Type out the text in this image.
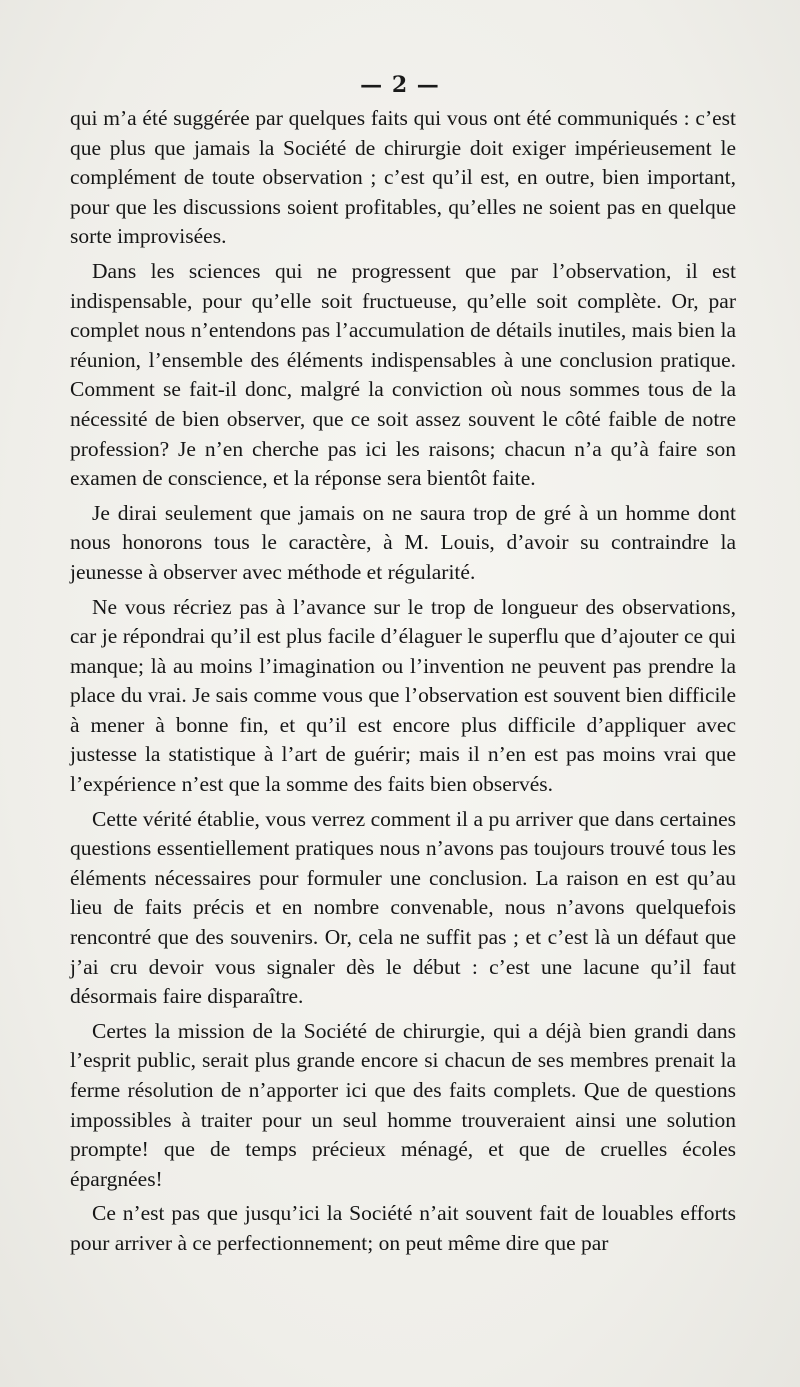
— 2 —

qui m’a été suggérée par quelques faits qui vous ont été communiqués : c’est que plus que jamais la Société de chirurgie doit exiger impérieusement le complément de toute observation ; c’est qu’il est, en outre, bien important, pour que les discussions soient profitables, qu’elles ne soient pas en quelque sorte improvisées.

Dans les sciences qui ne progressent que par l’observation, il est indispensable, pour qu’elle soit fructueuse, qu’elle soit complète. Or, par complet nous n’entendons pas l’accumulation de détails inutiles, mais bien la réunion, l’ensemble des éléments indispensables à une conclusion pratique. Comment se fait-il donc, malgré la conviction où nous sommes tous de la nécessité de bien observer, que ce soit assez souvent le côté faible de notre profession? Je n’en cherche pas ici les raisons; chacun n’a qu’à faire son examen de conscience, et la réponse sera bientôt faite.

Je dirai seulement que jamais on ne saura trop de gré à un homme dont nous honorons tous le caractère, à M. Louis, d’avoir su contraindre la jeunesse à observer avec méthode et régularité.

Ne vous récriez pas à l’avance sur le trop de longueur des observations, car je répondrai qu’il est plus facile d’élaguer le superflu que d’ajouter ce qui manque; là au moins l’imagination ou l’invention ne peuvent pas prendre la place du vrai. Je sais comme vous que l’observation est souvent bien difficile à mener à bonne fin, et qu’il est encore plus difficile d’appliquer avec justesse la statistique à l’art de guérir; mais il n’en est pas moins vrai que l’expérience n’est que la somme des faits bien observés.

Cette vérité établie, vous verrez comment il a pu arriver que dans certaines questions essentiellement pratiques nous n’avons pas toujours trouvé tous les éléments nécessaires pour formuler une conclusion. La raison en est qu’au lieu de faits précis et en nombre convenable, nous n’avons quelquefois rencontré que des souvenirs. Or, cela ne suffit pas ; et c’est là un défaut que j’ai cru devoir vous signaler dès le début : c’est une lacune qu’il faut désormais faire disparaître.

Certes la mission de la Société de chirurgie, qui a déjà bien grandi dans l’esprit public, serait plus grande encore si chacun de ses membres prenait la ferme résolution de n’apporter ici que des faits complets. Que de questions impossibles à traiter pour un seul homme trouveraient ainsi une solution prompte! que de temps précieux ménagé, et que de cruelles écoles épargnées!

Ce n’est pas que jusqu’ici la Société n’ait souvent fait de louables efforts pour arriver à ce perfectionnement; on peut même dire que par
